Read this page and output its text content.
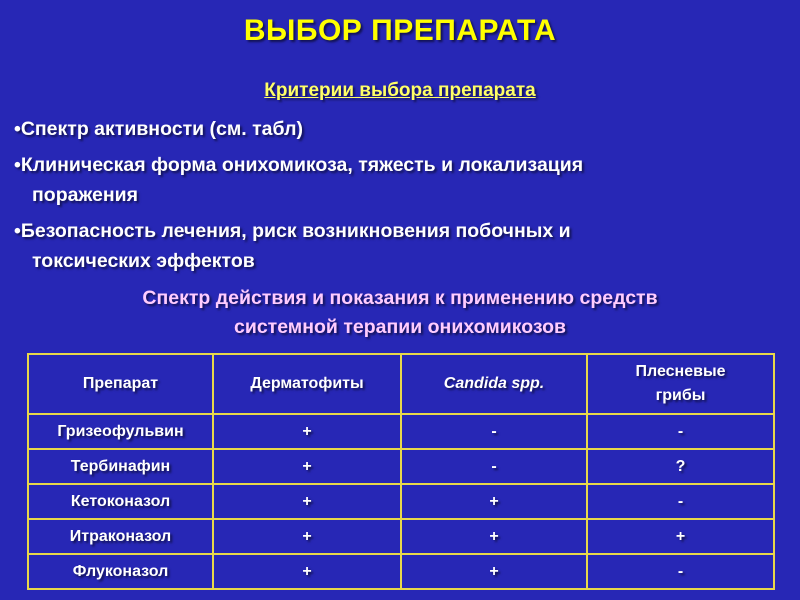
ВЫБОР ПРЕПАРАТА
Критерии выбора препарата
•Спектр активности (см. табл)
•Клиническая форма онихомикоза, тяжесть и локализация
поражения
•Безопасность лечения, риск возникновения побочных и
токсических эффектов
Спектр действия и показания к применению средств
системной терапии онихомикозов
Препарат	Дерматофиты	Candida spp.	Плесневые грибы
Гризеофульвин	+	-	-
Тербинафин	+	-	?
Кетоконазол	+	+	-
Итраконазол	+	+	+
Флуконазол	+	+	-
